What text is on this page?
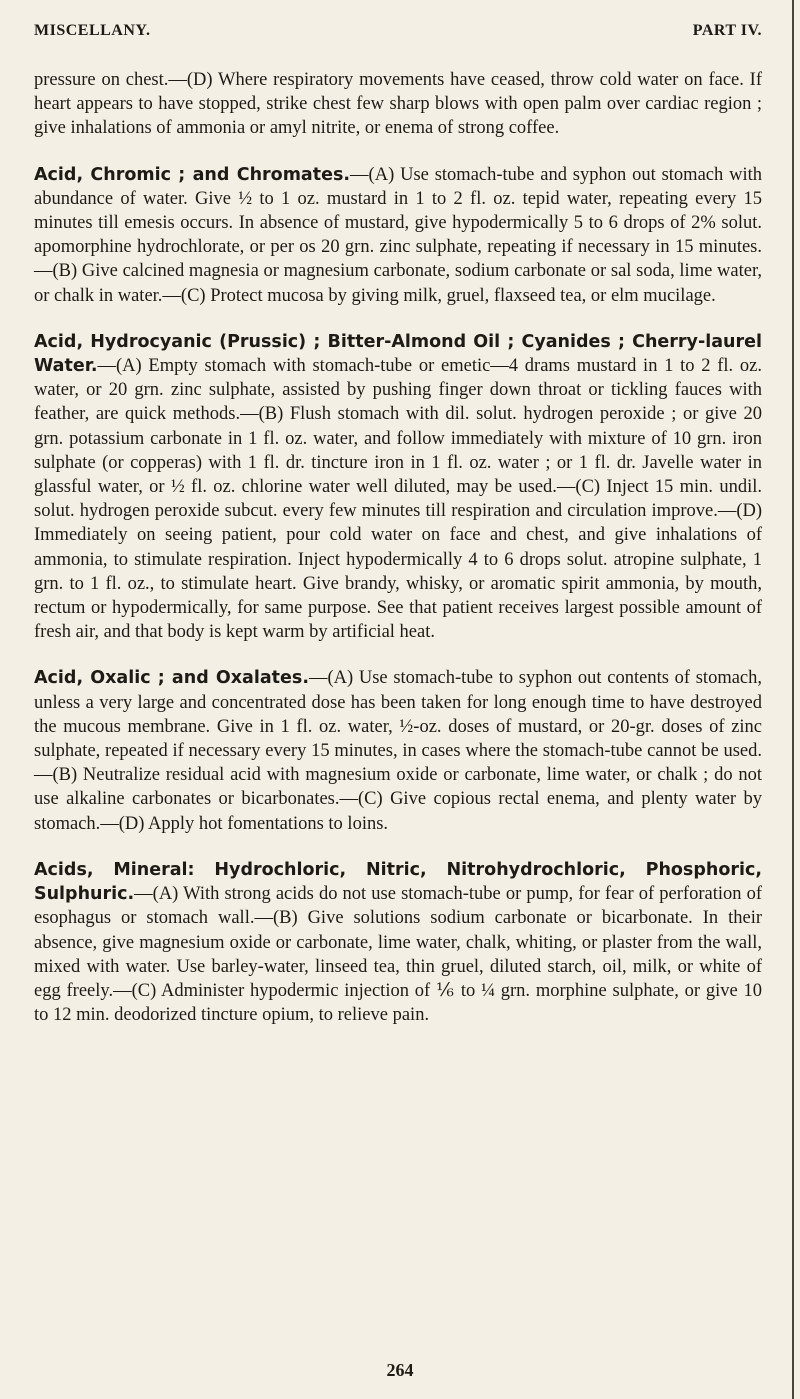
MISCELLANY.	PART IV.

pressure on chest.—(D) Where respiratory movements have ceased, throw cold water on face. If heart appears to have stopped, strike chest few sharp blows with open palm over cardiac region ; give inhalations of ammonia or amyl nitrite, or enema of strong coffee.

Acid, Chromic ; and Chromates.—(A) Use stomach-tube and syphon out stomach with abundance of water. Give ½ to 1 oz. mustard in 1 to 2 fl. oz. tepid water, repeating every 15 minutes till emesis occurs. In absence of mustard, give hypodermically 5 to 6 drops of 2% solut. apomorphine hydrochlorate, or per os 20 grn. zinc sulphate, repeating if necessary in 15 minutes.—(B) Give calcined magnesia or magnesium carbonate, sodium carbonate or sal soda, lime water, or chalk in water.—(C) Protect mucosa by giving milk, gruel, flaxseed tea, or elm mucilage.

Acid, Hydrocyanic (Prussic) ; Bitter-Almond Oil ; Cyanides ; Cherry-laurel Water.—(A) Empty stomach with stomach-tube or emetic—4 drams mustard in 1 to 2 fl. oz. water, or 20 grn. zinc sulphate, assisted by pushing finger down throat or tickling fauces with feather, are quick methods.—(B) Flush stomach with dil. solut. hydrogen peroxide ; or give 20 grn. potassium carbonate in 1 fl. oz. water, and follow immediately with mixture of 10 grn. iron sulphate (or copperas) with 1 fl. dr. tincture iron in 1 fl. oz. water ; or 1 fl. dr. Javelle water in glassful water, or ½ fl. oz. chlorine water well diluted, may be used.—(C) Inject 15 min. undil. solut. hydrogen peroxide subcut. every few minutes till respiration and circulation improve.—(D) Immediately on seeing patient, pour cold water on face and chest, and give inhalations of ammonia, to stimulate respiration. Inject hypodermically 4 to 6 drops solut. atropine sulphate, 1 grn. to 1 fl. oz., to stimulate heart. Give brandy, whisky, or aromatic spirit ammonia, by mouth, rectum or hypodermically, for same purpose. See that patient receives largest possible amount of fresh air, and that body is kept warm by artificial heat.

Acid, Oxalic ; and Oxalates.—(A) Use stomach-tube to syphon out contents of stomach, unless a very large and concentrated dose has been taken for long enough time to have destroyed the mucous membrane. Give in 1 fl. oz. water, ½-oz. doses of mustard, or 20-gr. doses of zinc sulphate, repeated if necessary every 15 minutes, in cases where the stomach-tube cannot be used.—(B) Neutralize residual acid with magnesium oxide or carbonate, lime water, or chalk ; do not use alkaline carbonates or bicarbonates.—(C) Give copious rectal enema, and plenty water by stomach.—(D) Apply hot fomentations to loins.

Acids, Mineral: Hydrochloric, Nitric, Nitrohydrochloric, Phosphoric, Sulphuric.—(A) With strong acids do not use stomach-tube or pump, for fear of perforation of esophagus or stomach wall.—(B) Give solutions sodium carbonate or bicarbonate. In their absence, give magnesium oxide or carbonate, lime water, chalk, whiting, or plaster from the wall, mixed with water. Use barley-water, linseed tea, thin gruel, diluted starch, oil, milk, or white of egg freely.—(C) Administer hypodermic injection of ⅙ to ¼ grn. morphine sulphate, or give 10 to 12 min. deodorized tincture opium, to relieve pain.

264
